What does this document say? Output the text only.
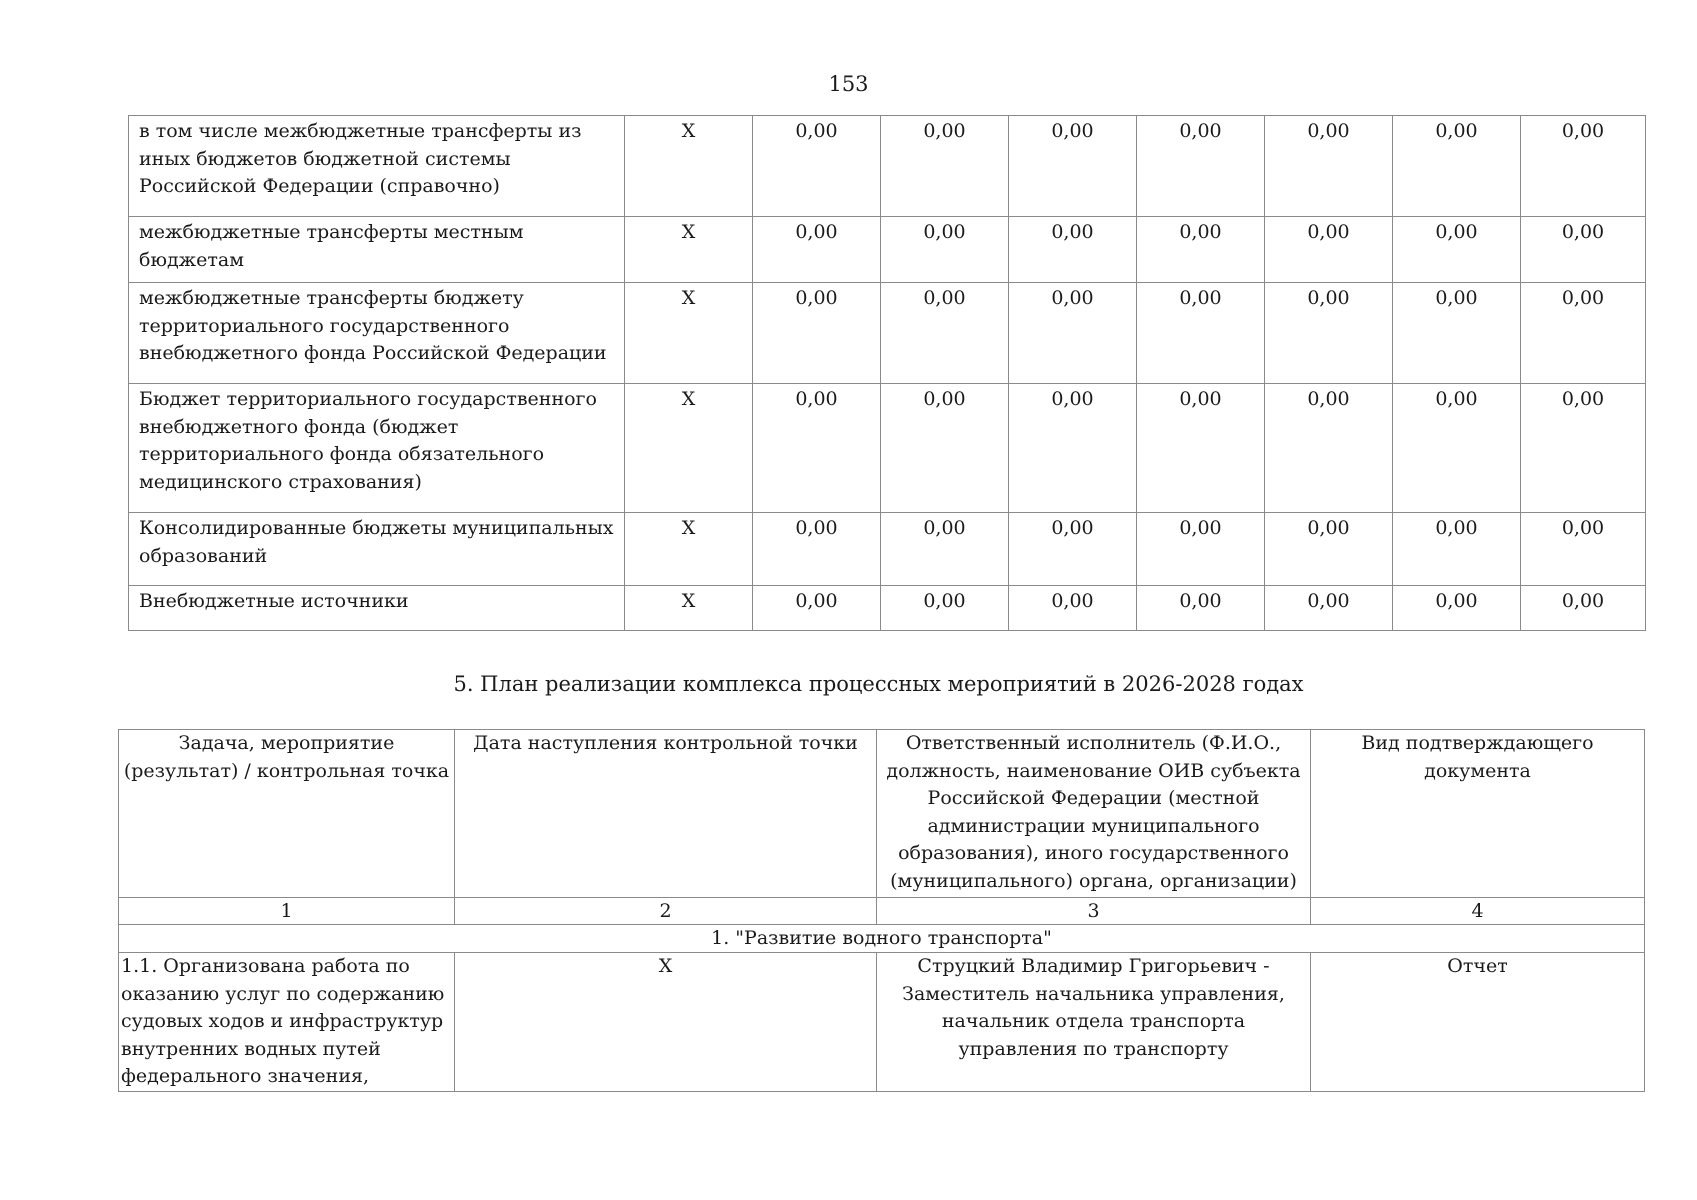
153
в том числе межбюджетные трансферты из иных бюджетов бюджетной системы Российской Федерации (справочно)	X	0,00	0,00	0,00	0,00	0,00	0,00	0,00
межбюджетные трансферты местным бюджетам	X	0,00	0,00	0,00	0,00	0,00	0,00	0,00
межбюджетные трансферты бюджету территориального государственного внебюджетного фонда Российской Федерации	X	0,00	0,00	0,00	0,00	0,00	0,00	0,00
Бюджет территориального государственного внебюджетного фонда (бюджет территориального фонда обязательного медицинского страхования)	X	0,00	0,00	0,00	0,00	0,00	0,00	0,00
Консолидированные бюджеты муниципальных образований	X	0,00	0,00	0,00	0,00	0,00	0,00	0,00
Внебюджетные источники	X	0,00	0,00	0,00	0,00	0,00	0,00	0,00
5. План реализации комплекса процессных мероприятий в 2026-2028 годах
Задача, мероприятие (результат) / контрольная точка	Дата наступления контрольной точки	Ответственный исполнитель (Ф.И.О., должность, наименование ОИВ субъекта Российской Федерации (местной администрации муниципального образования), иного государственного (муниципального) органа, организации)	Вид подтверждающего документа
1	2	3	4
1. "Развитие водного транспорта"			
1.1. Организована работа по оказанию услуг по содержанию судовых ходов и инфраструктур внутренних водных путей федерального значения,	X	Струцкий Владимир Григорьевич - Заместитель начальника управления, начальник отдела транспорта управления по транспорту	Отчет
